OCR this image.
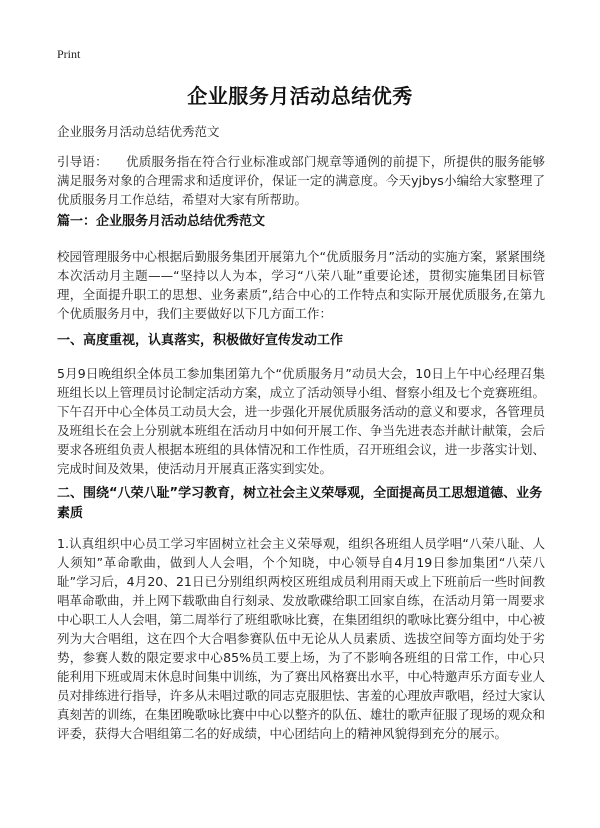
Print
企业服务月活动总结优秀
企业服务月活动总结优秀范文
引导语： 优质服务指在符合行业标准或部门规章等通例的前提下，所提供的服务能够满足服务对象的合理需求和适度评价，保证一定的满意度。今天yjbys小编给大家整理了优质服务月工作总结，希望对大家有所帮助。
篇一：企业服务月活动总结优秀范文
校园管理服务中心根据后勤服务集团开展第九个“优质服务月”活动的实施方案，紧紧围绕本次活动月主题——“坚持以人为本，学习“八荣八耻”重要论述，贯彻实施集团目标管理，全面提升职工的思想、业务素质”,结合中心的工作特点和实际开展优质服务,在第九个优质服务月中，我们主要做好以下几方面工作：
一、高度重视，认真落实，积极做好宣传发动工作
5月9日晚组织全体员工参加集团第九个“优质服务月”动员大会，10日上午中心经理召集班组长以上管理员讨论制定活动方案，成立了活动领导小组、督察小组及七个竞赛班组。下午召开中心全体员工动员大会，进一步强化开展优质服务活动的意义和要求，各管理员及班组长在会上分别就本班组在活动月中如何开展工作、争当先进表态并献计献策，会后要求各班组负责人根据本班组的具体情况和工作性质，召开班组会议，进一步落实计划、完成时间及效果，使活动月开展真正落实到实处。
二、围绕“八荣八耻”学习教育，树立社会主义荣辱观，全面提高员工思想道德、业务素质
1.认真组织中心员工学习牢固树立社会主义荣辱观，组织各班组人员学唱“八荣八耻、人人须知”革命歌曲，做到人人会唱，个个知晓，中心领导自4月19日参加集团“八荣八耻”学习后，4月20、21日已分别组织两校区班组成员利用雨天或上下班前后一些时间教唱革命歌曲，并上网下载歌曲自行刻录、发放歌碟给职工回家自练，在活动月第一周要求中心职工人人会唱，第二周举行了班组歌咏比赛，在集团组织的歌咏比赛分组中，中心被列为大合唱组，这在四个大合唱参赛队伍中无论从人员素质、选拔空间等方面均处于劣势，参赛人数的限定要求中心85%员工要上场，为了不影响各班组的日常工作，中心只能利用下班或周末休息时间集中训练，为了赛出风格赛出水平，中心特邀声乐方面专业人员对排练进行指导，许多从未唱过歌的同志克服胆怯、害羞的心理放声歌唱，经过大家认真刻苦的训练，在集团晚歌咏比赛中中心以整齐的队伍、雄壮的歌声征服了现场的观众和评委，获得大合唱组第二名的好成绩，中心团结向上的精神风貌得到充分的展示。
